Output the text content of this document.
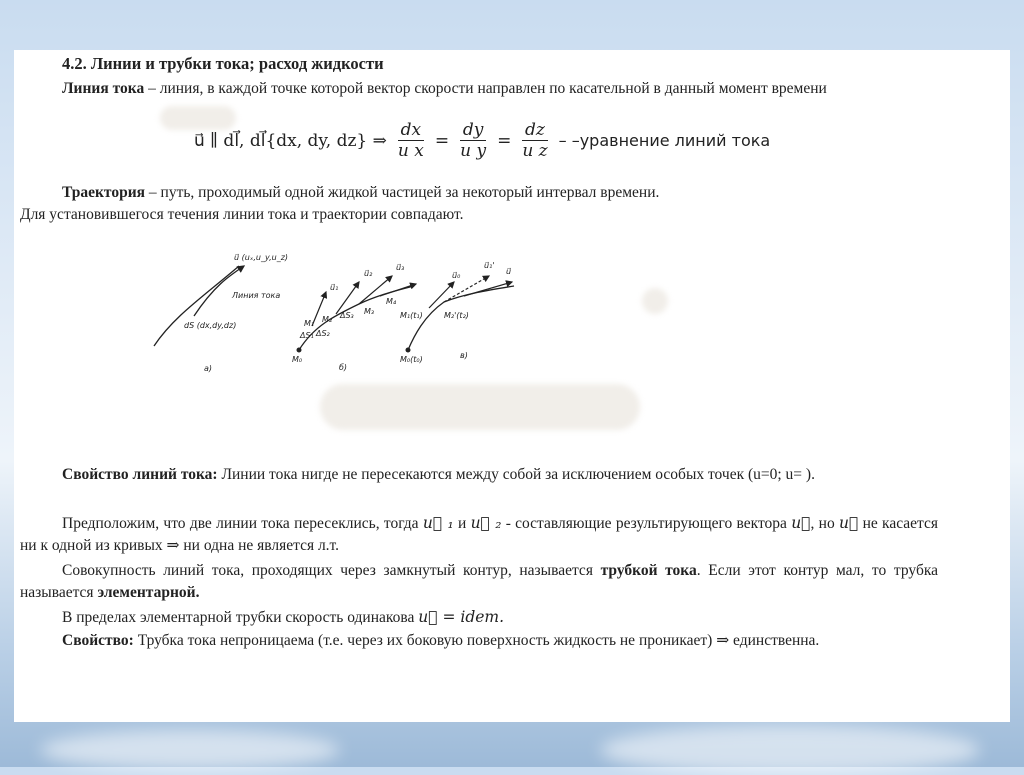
4.2. Линии и трубки тока; расход жидкости
Линия тока – линия, в каждой точке которой вектор скорости направлен по касательной в данный момент времени
u⃗ ∥ dl⃗, dl⃗{dx, dy, dz} ⇒ $\frac{dx}{\text{u x}} = \frac{dy}{\text{u y}} = \frac{dz}{\text{u z}}$ – –уравнение линий тока
Траектория – путь, проходимый одной жидкой частицей за некоторый интервал времени.
Для установившегося течения линии тока и траектории совпадают.
u⃗ (uₓ,u_y,u_z)
Линия тока
dS (dx,dy,dz)
а)
u⃗₁
u⃗₂
u⃗₃
M₁ M₂
M₃
M₄
M₀
ΔS₁ ΔS₂
ΔS₃
б)
u⃗₀
u⃗₁'
u⃗
M₁(t₁)	M₂'(t₂)
M₀(t₀)	в)
Свойство линий тока: Линии тока нигде не пересекаются между собой за исключением особых точек (u=0; u= ).
Предположим, что две линии тока пересеклись, тогда u⃗ ₁ и u⃗ ₂ - составляющие результирующего вектора u⃗, но u⃗ не касается ни к одной из кривых ⇒ ни одна не является л.т.
Совокупность линий тока, проходящих через замкнутый контур, называется трубкой тока. Если этот контур мал, то трубка называется элементарной.
В пределах элементарной трубки скорость одинакова u⃗ = idem.
Свойство: Трубка тока непроницаема (т.е. через их боковую поверхность жидкость не проникает) ⇒ единственна.
